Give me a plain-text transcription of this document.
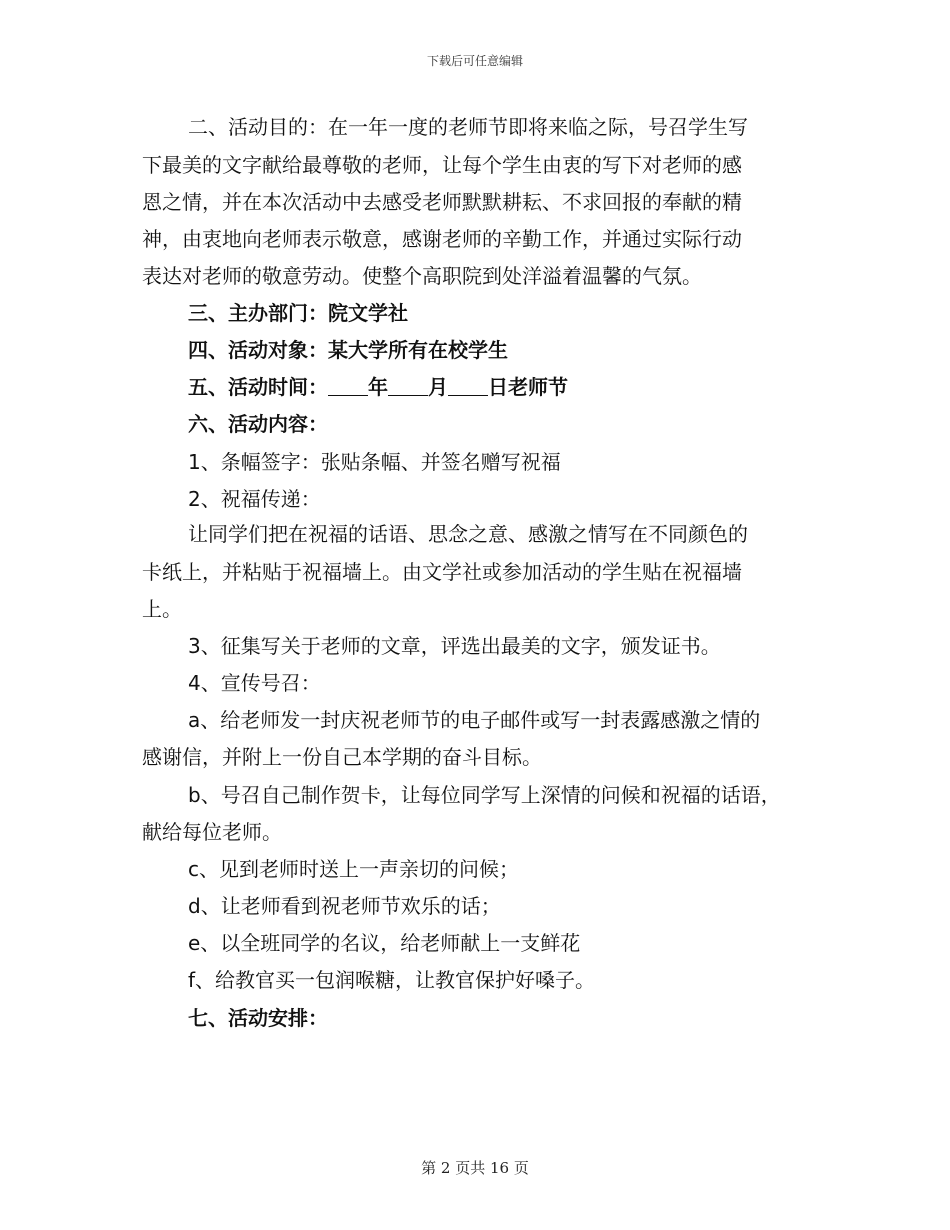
下载后可任意编辑
二、活动目的：在一年一度的老师节即将来临之际，号召学生写
下最美的文字献给最尊敬的老师，让每个学生由衷的写下对老师的感
恩之情，并在本次活动中去感受老师默默耕耘、不求回报的奉献的精
神，由衷地向老师表示敬意，感谢老师的辛勤工作，并通过实际行动
表达对老师的敬意劳动。使整个高职院到处洋溢着温馨的气氛。
三、主办部门：院文学社
四、活动对象：某大学所有在校学生
五、活动时间： 年 月 日老师节
六、活动内容：
1、条幅签字：张贴条幅、并签名赠写祝福
2、祝福传递：
让同学们把在祝福的话语、思念之意、感激之情写在不同颜色的
卡纸上，并粘贴于祝福墙上。由文学社或参加活动的学生贴在祝福墙
上。
3、征集写关于老师的文章，评选出最美的文字，颁发证书。
4、宣传号召：
a、给老师发一封庆祝老师节的电子邮件或写一封表露感激之情的
感谢信，并附上一份自己本学期的奋斗目标。
b、号召自己制作贺卡，让每位同学写上深情的问候和祝福的话语，
献给每位老师。
c、见到老师时送上一声亲切的问候；
d、让老师看到祝老师节欢乐的话；
e、以全班同学的名议，给老师献上一支鲜花
f、给教官买一包润喉糖，让教官保护好嗓子。
七、活动安排：
第 2 页共 16 页
